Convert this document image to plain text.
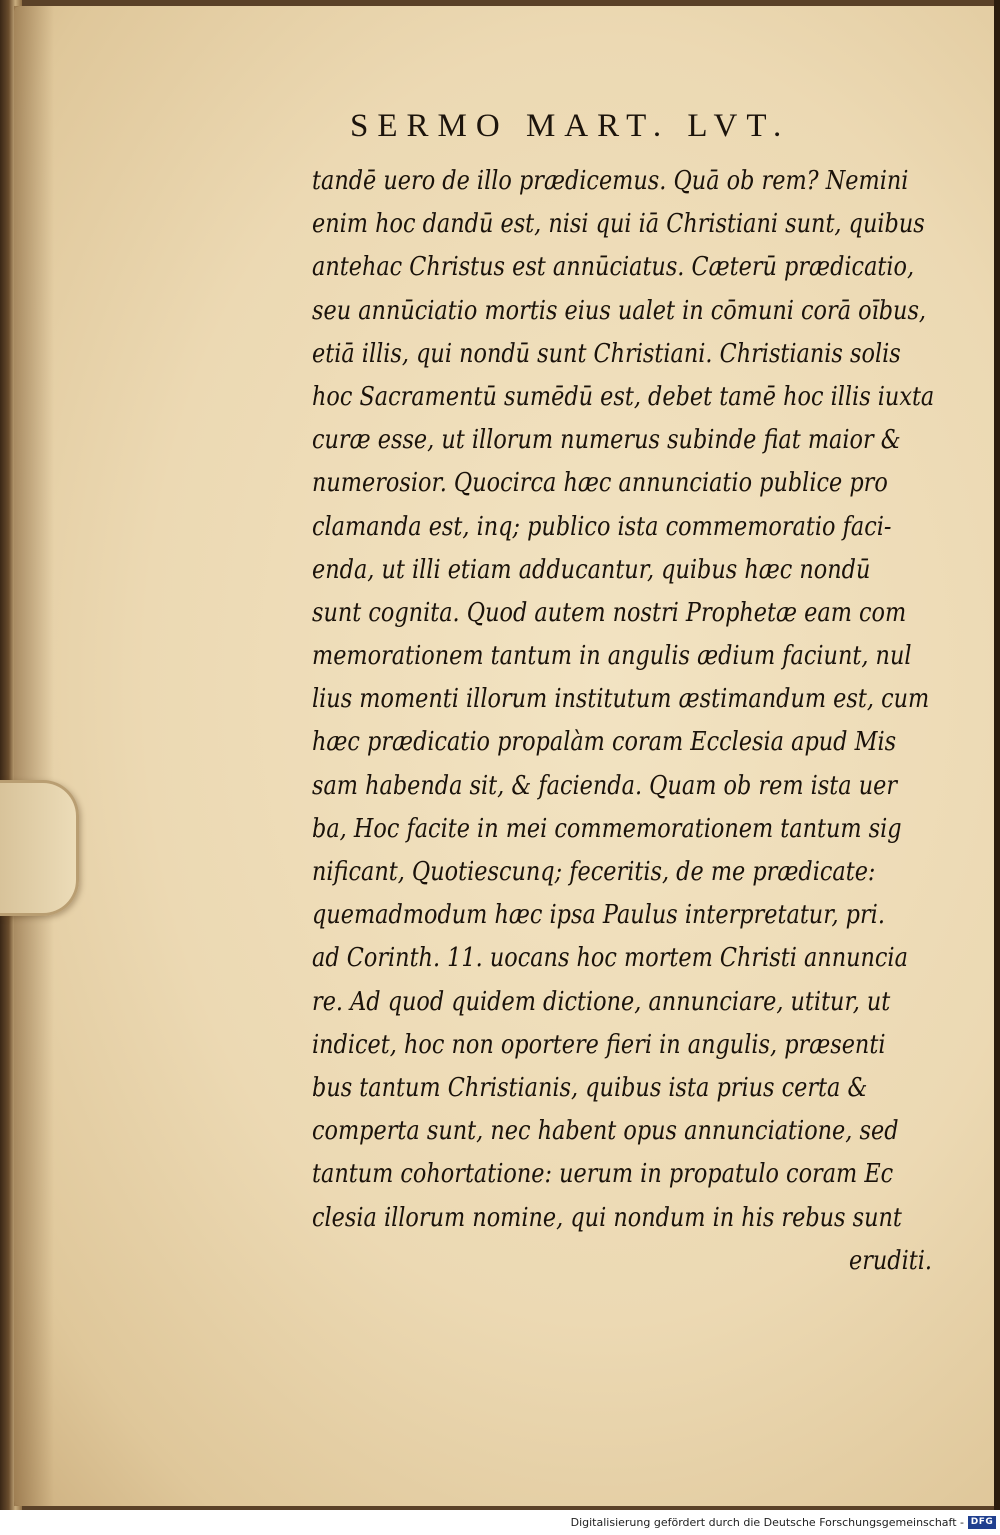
SERMO MART. LVT.
tandē uero de illo prædicemus. Quā ob rem? Nemini
enim hoc dandū est, nisi qui iā Christiani sunt, quibus
antehac Christus est annūciatus. Cæterū prædicatio,
seu annūciatio mortis eius ualet in cōmuni corā oībus,
etiā illis, qui nondū sunt Christiani. Christianis solis
hoc Sacramentū sumēdū est, debet tamē hoc illis iuxta
curæ esse, ut illorum numerus subinde fiat maior &
numerosior. Quocirca hæc annunciatio publice pro
clamanda est, inq; publico ista commemoratio faci-
enda, ut illi etiam adducantur, quibus hæc nondū
sunt cognita. Quod autem nostri Prophetæ eam com
memorationem tantum in angulis ædium faciunt, nul
lius momenti illorum institutum æstimandum est, cum
hæc prædicatio propalàm coram Ecclesia apud Mis
sam habenda sit, & facienda. Quam ob rem ista uer
ba, Hoc facite in mei commemorationem tantum sig
nificant, Quotiescunq; feceritis, de me prædicate:
quemadmodum hæc ipsa Paulus interpretatur, pri.
ad Corinth. 11. uocans hoc mortem Christi annuncia
re. Ad quod quidem dictione, annunciare, utitur, ut
indicet, hoc non oportere fieri in angulis, præsenti
bus tantum Christianis, quibus ista prius certa &
comperta sunt, nec habent opus annunciatione, sed
tantum cohortatione: uerum in propatulo coram Ec
clesia illorum nomine, qui nondum in his rebus sunt
eruditi.
Digitalisierung gefördert durch die Deutsche Forschungsgemeinschaft - DFG
